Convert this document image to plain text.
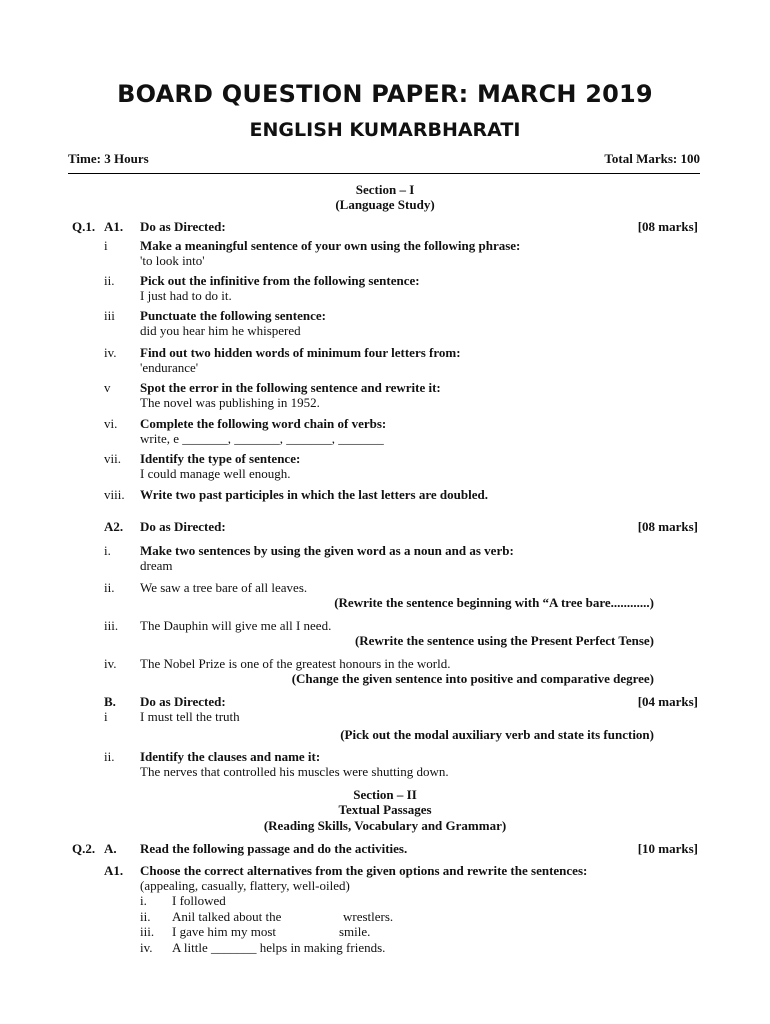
BOARD QUESTION PAPER: MARCH 2019
ENGLISH KUMARBHARATI
Time: 3 Hours	Total Marks: 100
Section – I
(Language Study)
Q.1. A1. Do as Directed:	[08 marks]
i Make a meaningful sentence of your own using the following phrase:
'to look into'
ii. Pick out the infinitive from the following sentence:
I just had to do it.
iii Punctuate the following sentence:
did you hear him he whispered
iv. Find out two hidden words of minimum four letters from:
'endurance'
v Spot the error in the following sentence and rewrite it:
The novel was publishing in 1952.
vi. Complete the following word chain of verbs:
write, e _______, _______, _______, _______
vii. Identify the type of sentence:
I could manage well enough.
viii. Write two past participles in which the last letters are doubled.
A2. Do as Directed:	[08 marks]
i. Make two sentences by using the given word as a noun and as verb:
dream
ii. We saw a tree bare of all leaves.
(Rewrite the sentence beginning with “A tree bare............)
iii. The Dauphin will give me all I need.
(Rewrite the sentence using the Present Perfect Tense)
iv. The Nobel Prize is one of the greatest honours in the world.
(Change the given sentence into positive and comparative degree)
B. Do as Directed:	[04 marks]
i I must tell the truth
(Pick out the modal auxiliary verb and state its function)
ii. Identify the clauses and name it:
The nerves that controlled his muscles were shutting down.
Section – II
Textual Passages
(Reading Skills, Vocabulary and Grammar)
Q.2. A. Read the following passage and do the activities.	[10 marks]
A1. Choose the correct alternatives from the given options and rewrite the sentences:
(appealing, casually, flattery, well-oiled)
i. I followed
ii. Anil talked about the	wrestlers.
iii. I gave him my most	smile.
iv. A little _______ helps in making friends.
